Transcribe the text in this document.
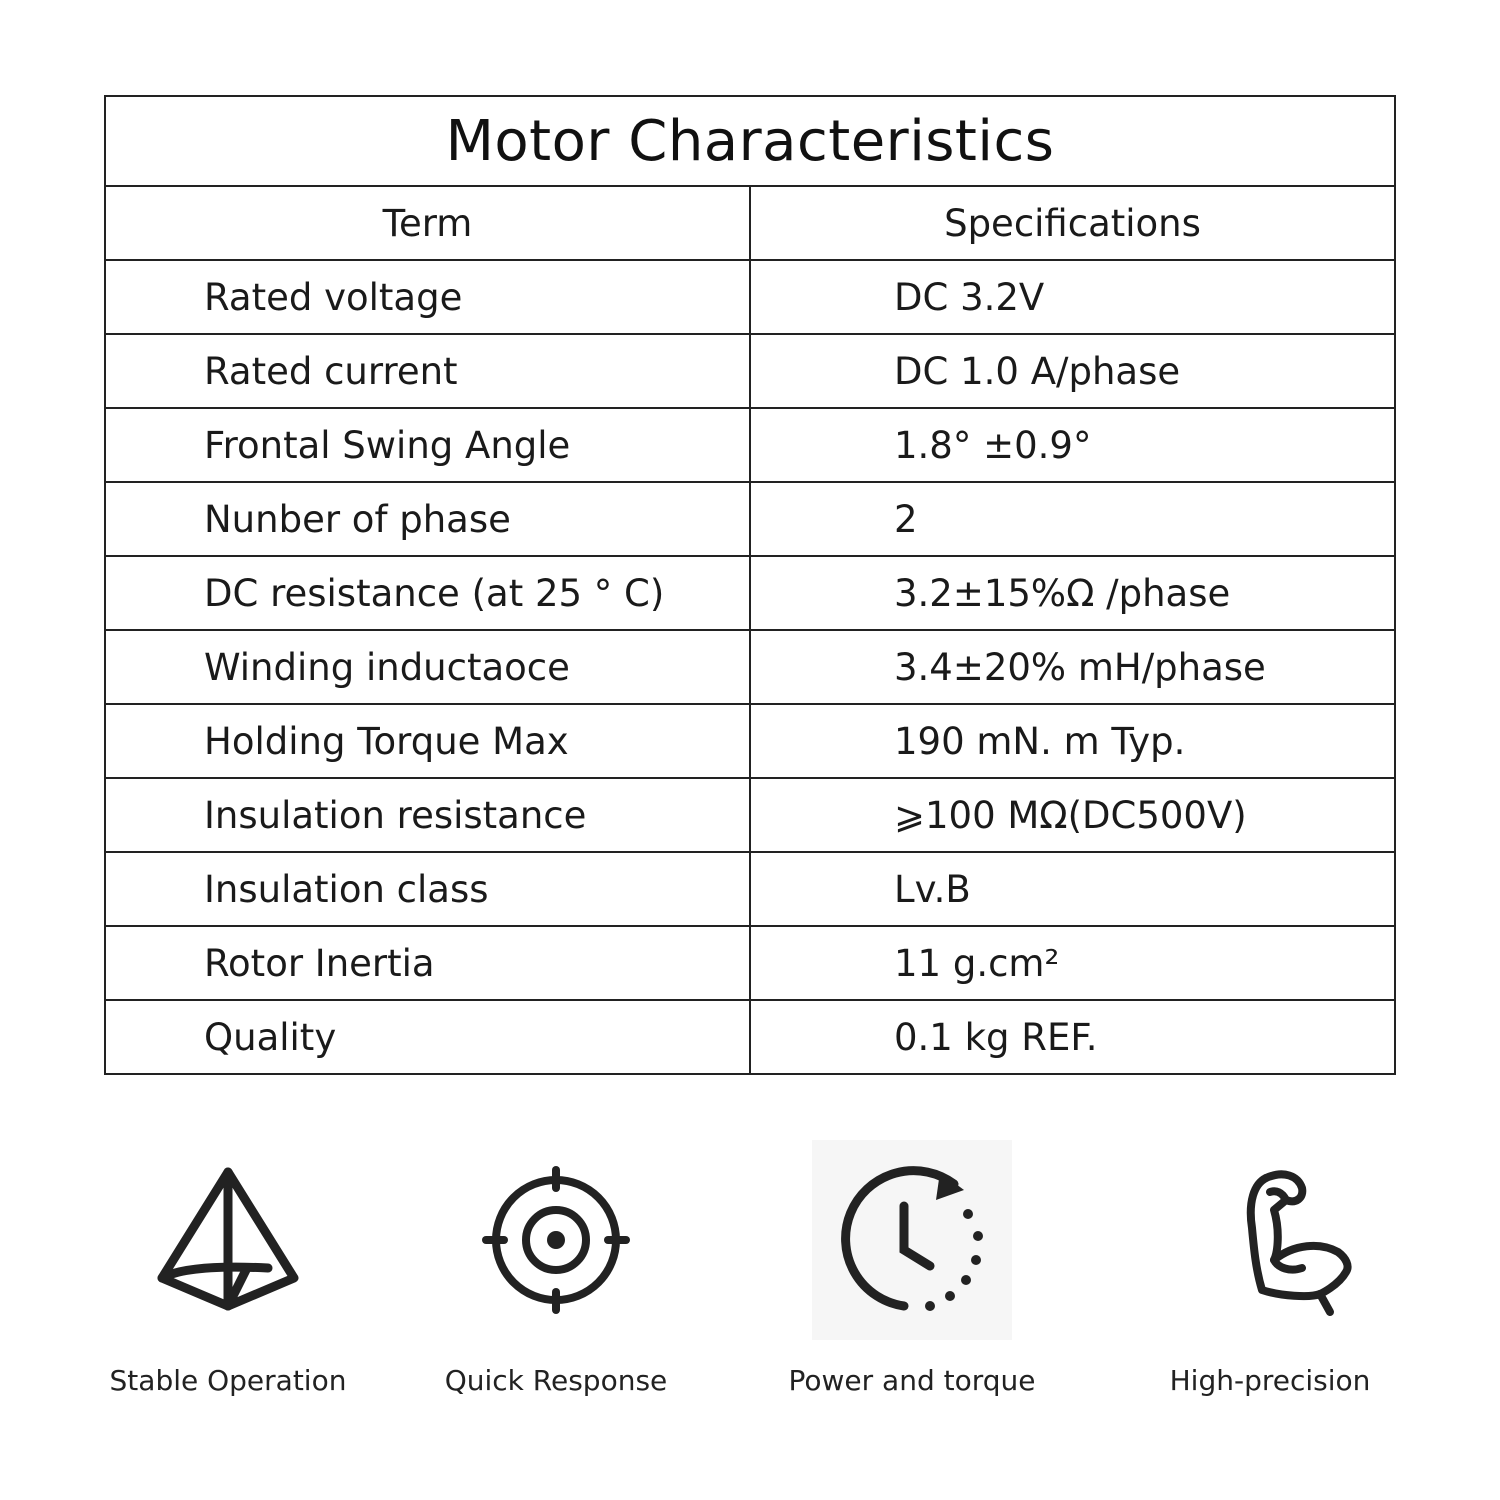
Motor Characteristics	
Term	Specifications
Rated voltage	DC 3.2V
Rated current	DC 1.0 A/phase
Frontal Swing Angle	1.8° ±0.9°
Nunber of phase	2
DC resistance (at 25 ° C)	3.2±15%Ω /phase
Winding inductaoce	3.4±20% mH/phase
Holding Torque Max	190 mN. m Typ.
Insulation resistance	⩾100 MΩ(DC500V)
Insulation class	Lv.B
Rotor Inertia	11 g.cm²
Quality	0.1 kg REF.
Stable Operation	Quick Response	Power and torque	High-precision
